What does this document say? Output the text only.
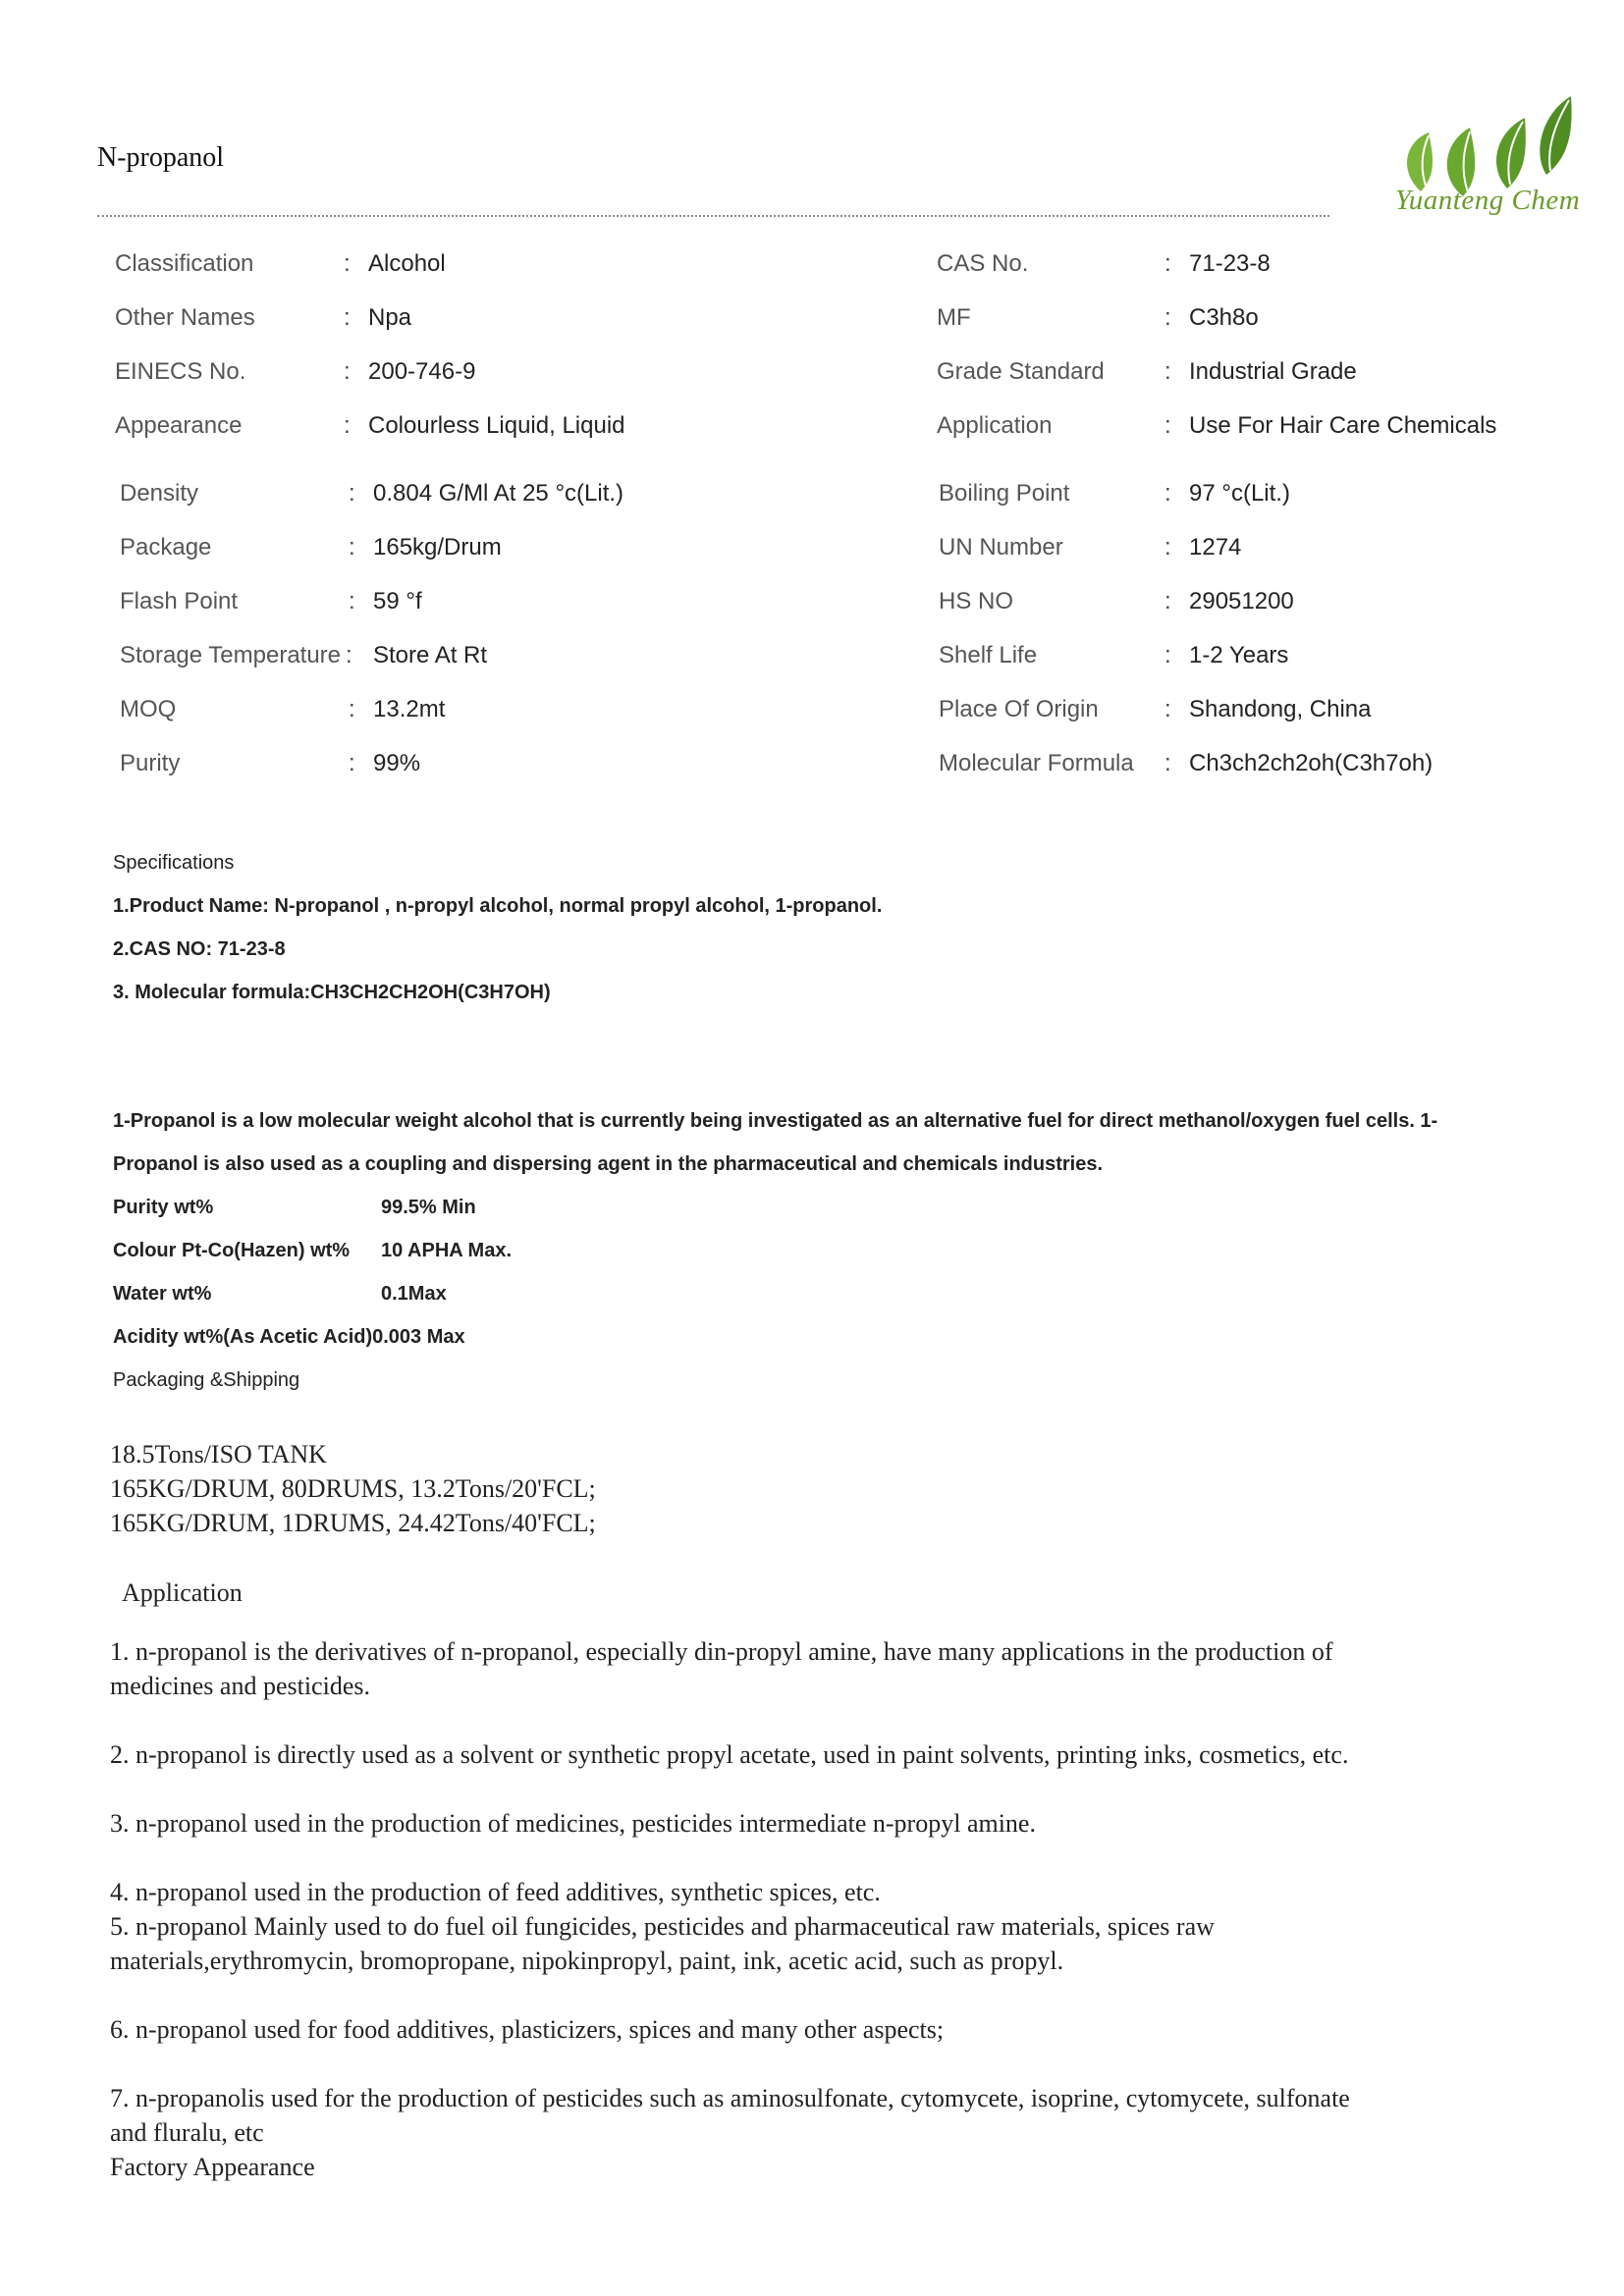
N-propanol
Yuanteng Chem
Classification	: Alcohol
Other Names	: Npa
EINECS No.	: 200-746-9
Appearance	: Colourless Liquid, Liquid
Density	: 0.804 G/Ml At 25 °c(Lit.)
Package	: 165kg/Drum
Flash Point	: 59 °f
Storage Temperature : Store At Rt
MOQ	: 13.2mt
Purity	: 99%
CAS No.	: 71-23-8
MF	: C3h8o
Grade Standard	: Industrial Grade
Application	: Use For Hair Care Chemicals
Boiling Point	: 97 °c(Lit.)
UN Number	: 1274
HS NO	: 29051200
Shelf Life	: 1-2 Years
Place Of Origin	: Shandong, China
Molecular Formula : Ch3ch2ch2oh(C3h7oh)
Specifications
1.Product Name: N-propanol , n-propyl alcohol, normal propyl alcohol, 1-propanol.
2.CAS NO: 71-23-8
3. Molecular formula:CH3CH2CH2OH(C3H7OH)
1-Propanol is a low molecular weight alcohol that is currently being investigated as an alternative fuel for direct methanol/oxygen fuel cells. 1-
Propanol is also used as a coupling and dispersing agent in the pharmaceutical and chemicals industries.
Purity wt%	99.5% Min
Colour Pt-Co(Hazen) wt% 10 APHA Max.
Water wt%	0.1Max
Acidity wt%(As Acetic Acid)0.003 Max
Packaging &Shipping
18.5Tons/ISO TANK
165KG/DRUM, 80DRUMS, 13.2Tons/20'FCL;
165KG/DRUM, 1DRUMS, 24.42Tons/40'FCL;
Application
1. n-propanol is the derivatives of n-propanol, especially din-propyl amine, have many applications in the production of
medicines and pesticides.
2. n-propanol is directly used as a solvent or synthetic propyl acetate, used in paint solvents, printing inks, cosmetics, etc.
3. n-propanol used in the production of medicines, pesticides intermediate n-propyl amine.
4. n-propanol used in the production of feed additives, synthetic spices, etc.
5. n-propanol Mainly used to do fuel oil fungicides, pesticides and pharmaceutical raw materials, spices raw
materials,erythromycin, bromopropane, nipokinpropyl, paint, ink, acetic acid, such as propyl.
6. n-propanol used for food additives, plasticizers, spices and many other aspects;
7. n-propanolis used for the production of pesticides such as aminosulfonate, cytomycete, isoprine, cytomycete, sulfonate
and fluralu, etc
Factory Appearance
